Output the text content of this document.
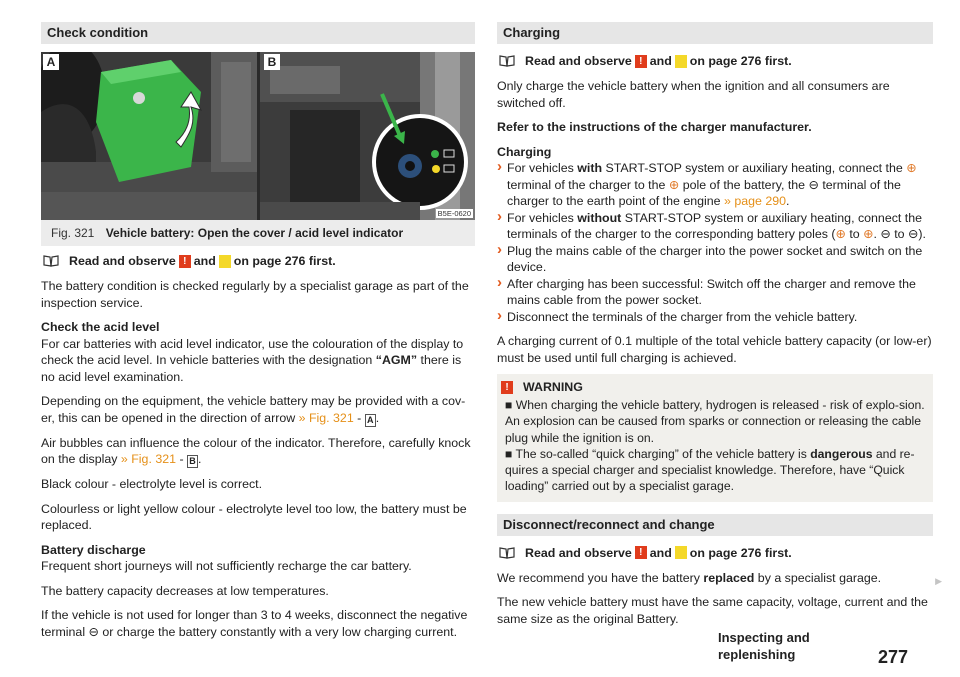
Check condition
A	B
B5E-0620
Fig. 321 Vehicle battery: Open the cover / acid level indicator
Read and observe ! and on page 276 first.

The battery condition is checked regularly by a specialist garage as part of the inspection service.

Check the acid level
For car batteries with acid level indicator, use the colouration of the display to check the acid level. In vehicle batteries with the designation “AGM” there is no acid level examination.

Depending on the equipment, the vehicle battery may be provided with a cov-er, this can be opened in the direction of arrow » Fig. 321 - A .

Air bubbles can influence the colour of the indicator. Therefore, carefully knock on the display » Fig. 321 - B .

Black colour - electrolyte level is correct.

Colourless or light yellow colour - electrolyte level too low, the battery must be replaced.

Battery discharge
Frequent short journeys will not sufficiently recharge the car battery.

The battery capacity decreases at low temperatures.

If the vehicle is not used for longer than 3 to 4 weeks, disconnect the negative terminal ⊖ or charge the battery constantly with a very low charging current.

Charging
Read and observe ! and on page 276 first.

Only charge the vehicle battery when the ignition and all consumers are switched off.

Refer to the instructions of the charger manufacturer.

Charging

› For vehicles with START-STOP system or auxiliary heating, connect the ⊕ terminal of the charger to the ⊕ pole of the battery, the ⊖ terminal of the charger to the earth point of the engine » page 290.
› For vehicles without START-STOP system or auxiliary heating, connect the terminals of the charger to the corresponding battery poles (⊕ to ⊕. ⊖ to ⊖).
› Plug the mains cable of the charger into the power socket and switch on the device.
› After charging has been successful: Switch off the charger and remove the mains cable from the power socket.
› Disconnect the terminals of the charger from the vehicle battery.

A charging current of 0.1 multiple of the total vehicle battery capacity (or low-er) must be used until full charging is achieved.

!	WARNING
■ When charging the vehicle battery, hydrogen is released - risk of explo-sion. An explosion can be caused from sparks or connection or releasing the cable plug while the ignition is on.
■ The so-called “quick charging” of the vehicle battery is dangerous and re-quires a special charger and specialist knowledge. Therefore, have “Quick loading” carried out by a specialist garage.
Disconnect/reconnect and change
Read and observe ! and on page 276 first.

We recommend you have the battery replaced by a specialist garage.

The new vehicle battery must have the same capacity, voltage, current and the same size as the original Battery.

▶
Inspecting and replenishing	277
